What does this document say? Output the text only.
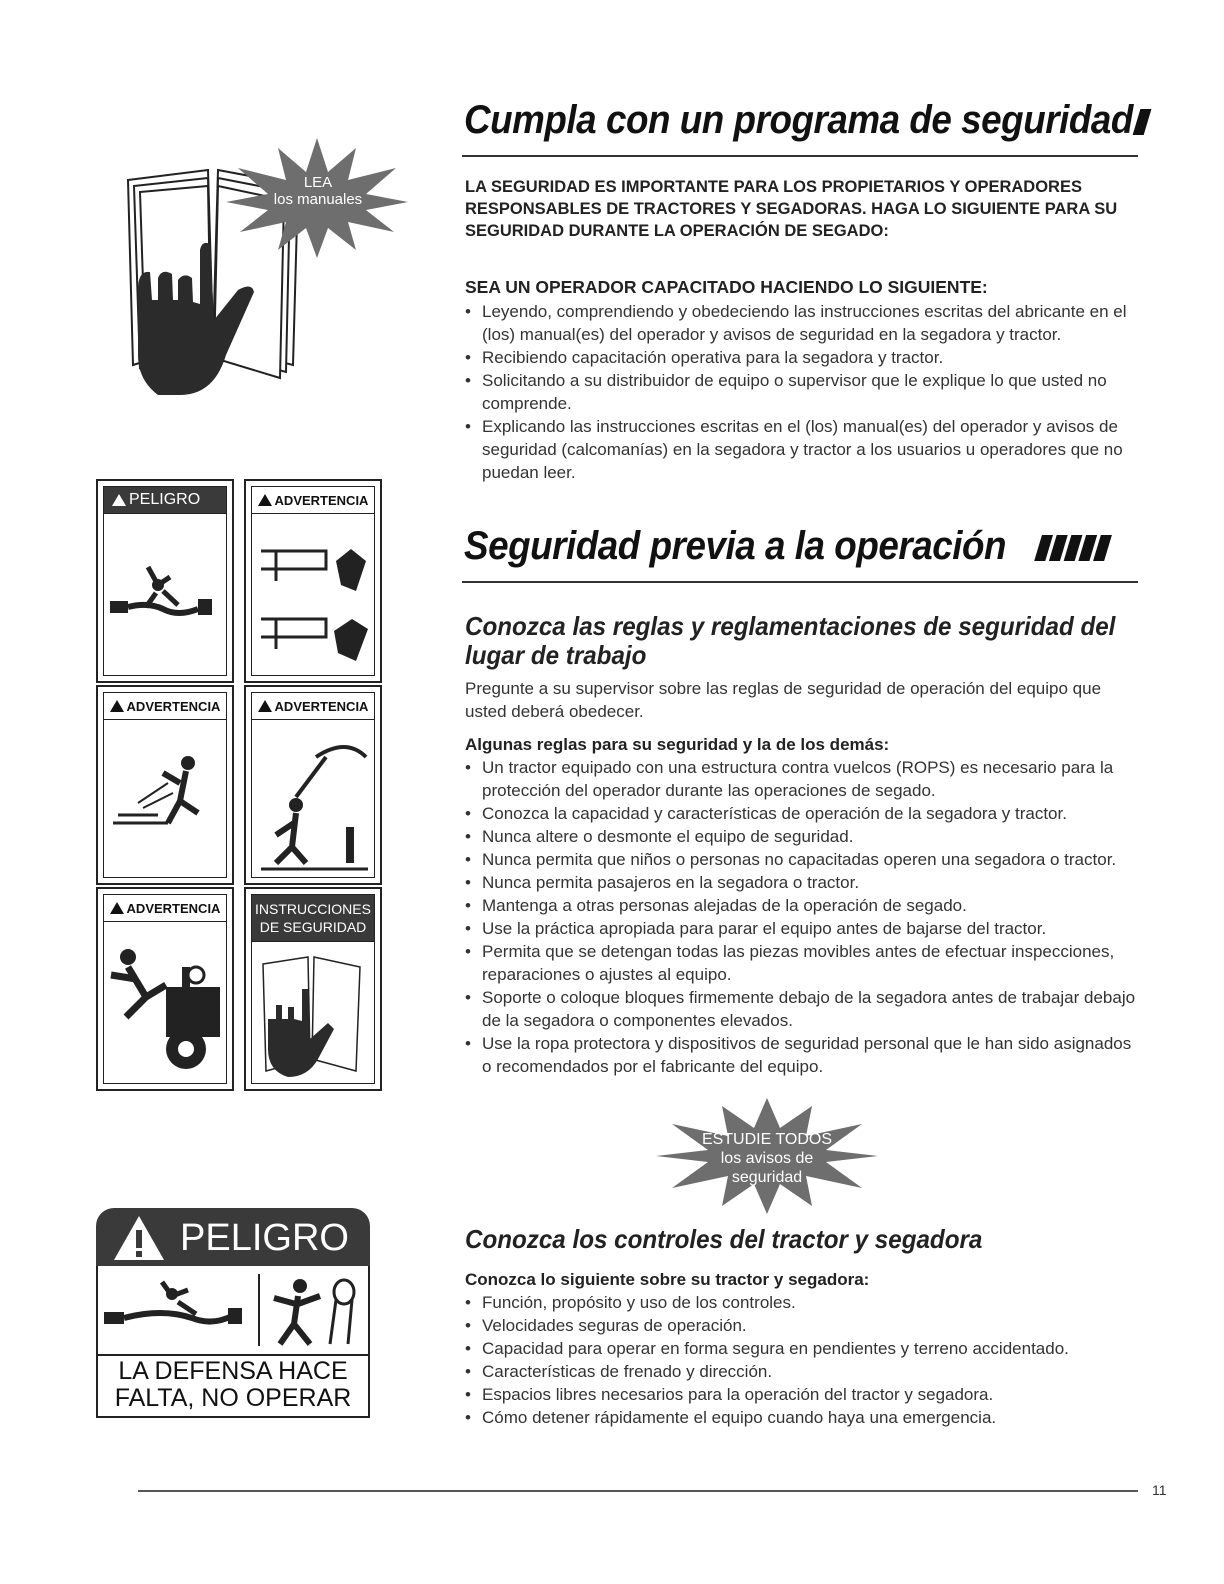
LEA
los manuales
PELIGRO	ADVERTENCIA
ADVERTENCIA	ADVERTENCIA
ADVERTENCIA INSTRUCCIONES
DE SEGURIDAD
PELIGRO
LA DEFENSA HACE
FALTA, NO OPERAR
Cumpla con un programa de seguridad
LA SEGURIDAD ES IMPORTANTE PARA LOS PROPIETARIOS Y OPERADORES RESPONSABLES DE TRACTORES Y SEGADORAS. HAGA LO SIGUIENTE PARA SU SEGURIDAD DURANTE LA OPERACIÓN DE SEGADO:

SEA UN OPERADOR CAPACITADO HACIENDO LO SIGUIENTE:

• Leyendo, comprendiendo y obedeciendo las instrucciones escritas del abricante en el (los) manual(es) del operador y avisos de seguridad en la segadora y tractor.
• Recibiendo capacitación operativa para la segadora y tractor.
• Solicitando a su distribuidor de equipo o supervisor que le explique lo que usted no comprende.
• Explicando las instrucciones escritas en el (los) manual(es) del operador y avisos de seguridad (calcomanías) en la segadora y tractor a los usuarios u operadores que no puedan leer.
Seguridad previa a la operación
Conozca las reglas y reglamentaciones de seguridad del lugar de trabajo
Pregunte a su supervisor sobre las reglas de seguridad de operación del equipo que usted deberá obedecer.
Algunas reglas para su seguridad y la de los demás:
• Un tractor equipado con una estructura contra vuelcos (ROPS) es necesario para la protección del operador durante las operaciones de segado.
• Conozca la capacidad y características de operación de la segadora y tractor.
• Nunca altere o desmonte el equipo de seguridad.
• Nunca permita que niños o personas no capacitadas operen una segadora o tractor.
• Nunca permita pasajeros en la segadora o tractor.
• Mantenga a otras personas alejadas de la operación de segado.
• Use la práctica apropiada para parar el equipo antes de bajarse del tractor.
• Permita que se detengan todas las piezas movibles antes de efectuar inspecciones, reparaciones o ajustes al equipo.
• Soporte o coloque bloques firmemente debajo de la segadora antes de trabajar debajo de la segadora o componentes elevados.
• Use la ropa protectora y dispositivos de seguridad personal que le han sido asignados o recomendados por el fabricante del equipo.
ESTUDIE TODOS
los avisos de
seguridad
Conozca los controles del tractor y segadora
Conozca lo siguiente sobre su tractor y segadora:
• Función, propósito y uso de los controles.
• Velocidades seguras de operación.
• Capacidad para operar en forma segura en pendientes y terreno accidentado.
• Características de frenado y dirección.
• Espacios libres necesarios para la operación del tractor y segadora.
• Cómo detener rápidamente el equipo cuando haya una emergencia.
11
